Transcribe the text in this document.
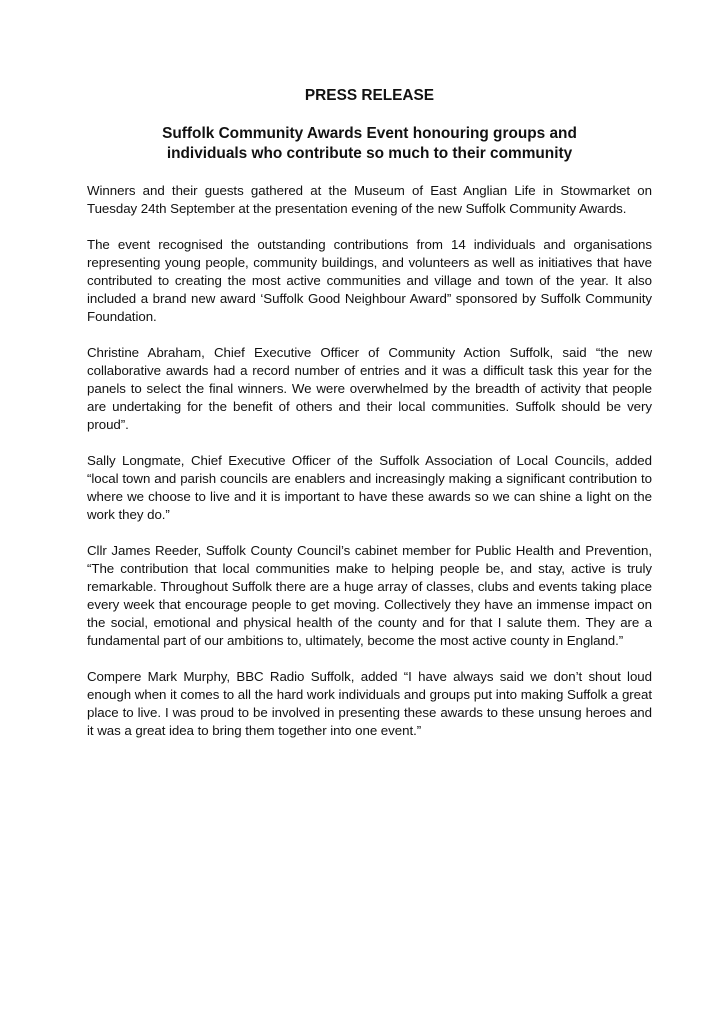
PRESS RELEASE

Suffolk Community Awards Event honouring groups and
individuals who contribute so much to their community

Winners and their guests gathered at the Museum of East Anglian Life in Stowmarket on Tuesday 24th September at the presentation evening of the new Suffolk Community Awards.

The event recognised the outstanding contributions from 14 individuals and organisations representing young people, community buildings, and volunteers as well as initiatives that have contributed to creating the most active communities and village and town of the year. It also included a brand new award ‘Suffolk Good Neighbour Award” sponsored by Suffolk Community Foundation.

Christine Abraham, Chief Executive Officer of Community Action Suffolk, said “the new collaborative awards had a record number of entries and it was a difficult task this year for the panels to select the final winners. We were overwhelmed by the breadth of activity that people are undertaking for the benefit of others and their local communities. Suffolk should be very proud”.

Sally Longmate, Chief Executive Officer of the Suffolk Association of Local Councils, added “local town and parish councils are enablers and increasingly making a significant contribution to where we choose to live and it is important to have these awards so we can shine a light on the work they do.”

Cllr James Reeder, Suffolk County Council’s cabinet member for Public Health and Prevention, “The contribution that local communities make to helping people be, and stay, active is truly remarkable. Throughout Suffolk there are a huge array of classes, clubs and events taking place every week that encourage people to get moving. Collectively they have an immense impact on the social, emotional and physical health of the county and for that I salute them. They are a fundamental part of our ambitions to, ultimately, become the most active county in England.”

Compere Mark Murphy, BBC Radio Suffolk, added “I have always said we don’t shout loud enough when it comes to all the hard work individuals and groups put into making Suffolk a great place to live. I was proud to be involved in presenting these awards to these unsung heroes and it was a great idea to bring them together into one event.”
